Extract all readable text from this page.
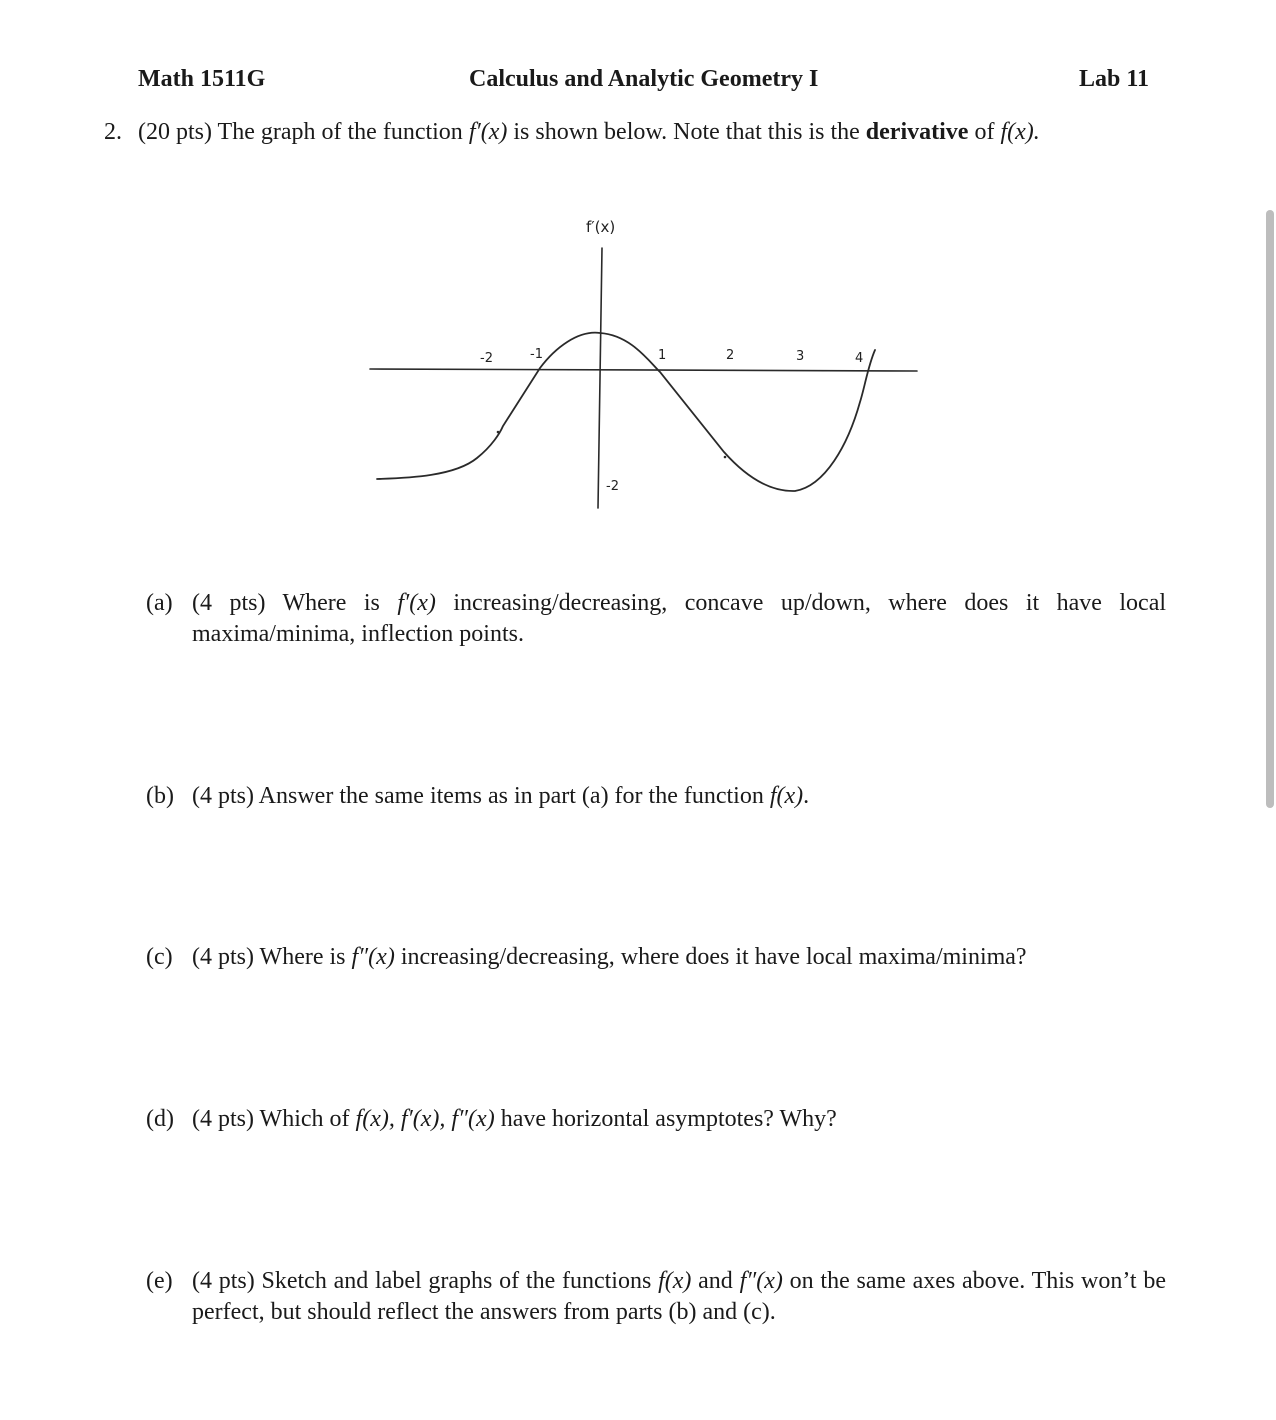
Math 1511G	Calculus and Analytic Geometry I	Lab 11
2. (20 pts) The graph of the function f′(x) is shown below. Note that this is the derivative of f(x).
-2	-1	1	2	3	4
-2
f′(x)
(a) (4 pts) Where is f′(x) increasing/decreasing, concave up/down, where does it have local maxima/minima, inflection points.
(b) (4 pts) Answer the same items as in part (a) for the function f(x).
(c) (4 pts) Where is f″(x) increasing/decreasing, where does it have local maxima/minima?
(d) (4 pts) Which of f(x), f′(x), f″(x) have horizontal asymptotes? Why?
(e) (4 pts) Sketch and label graphs of the functions f(x) and f″(x) on the same axes above. This won’t be perfect, but should reflect the answers from parts (b) and (c).
